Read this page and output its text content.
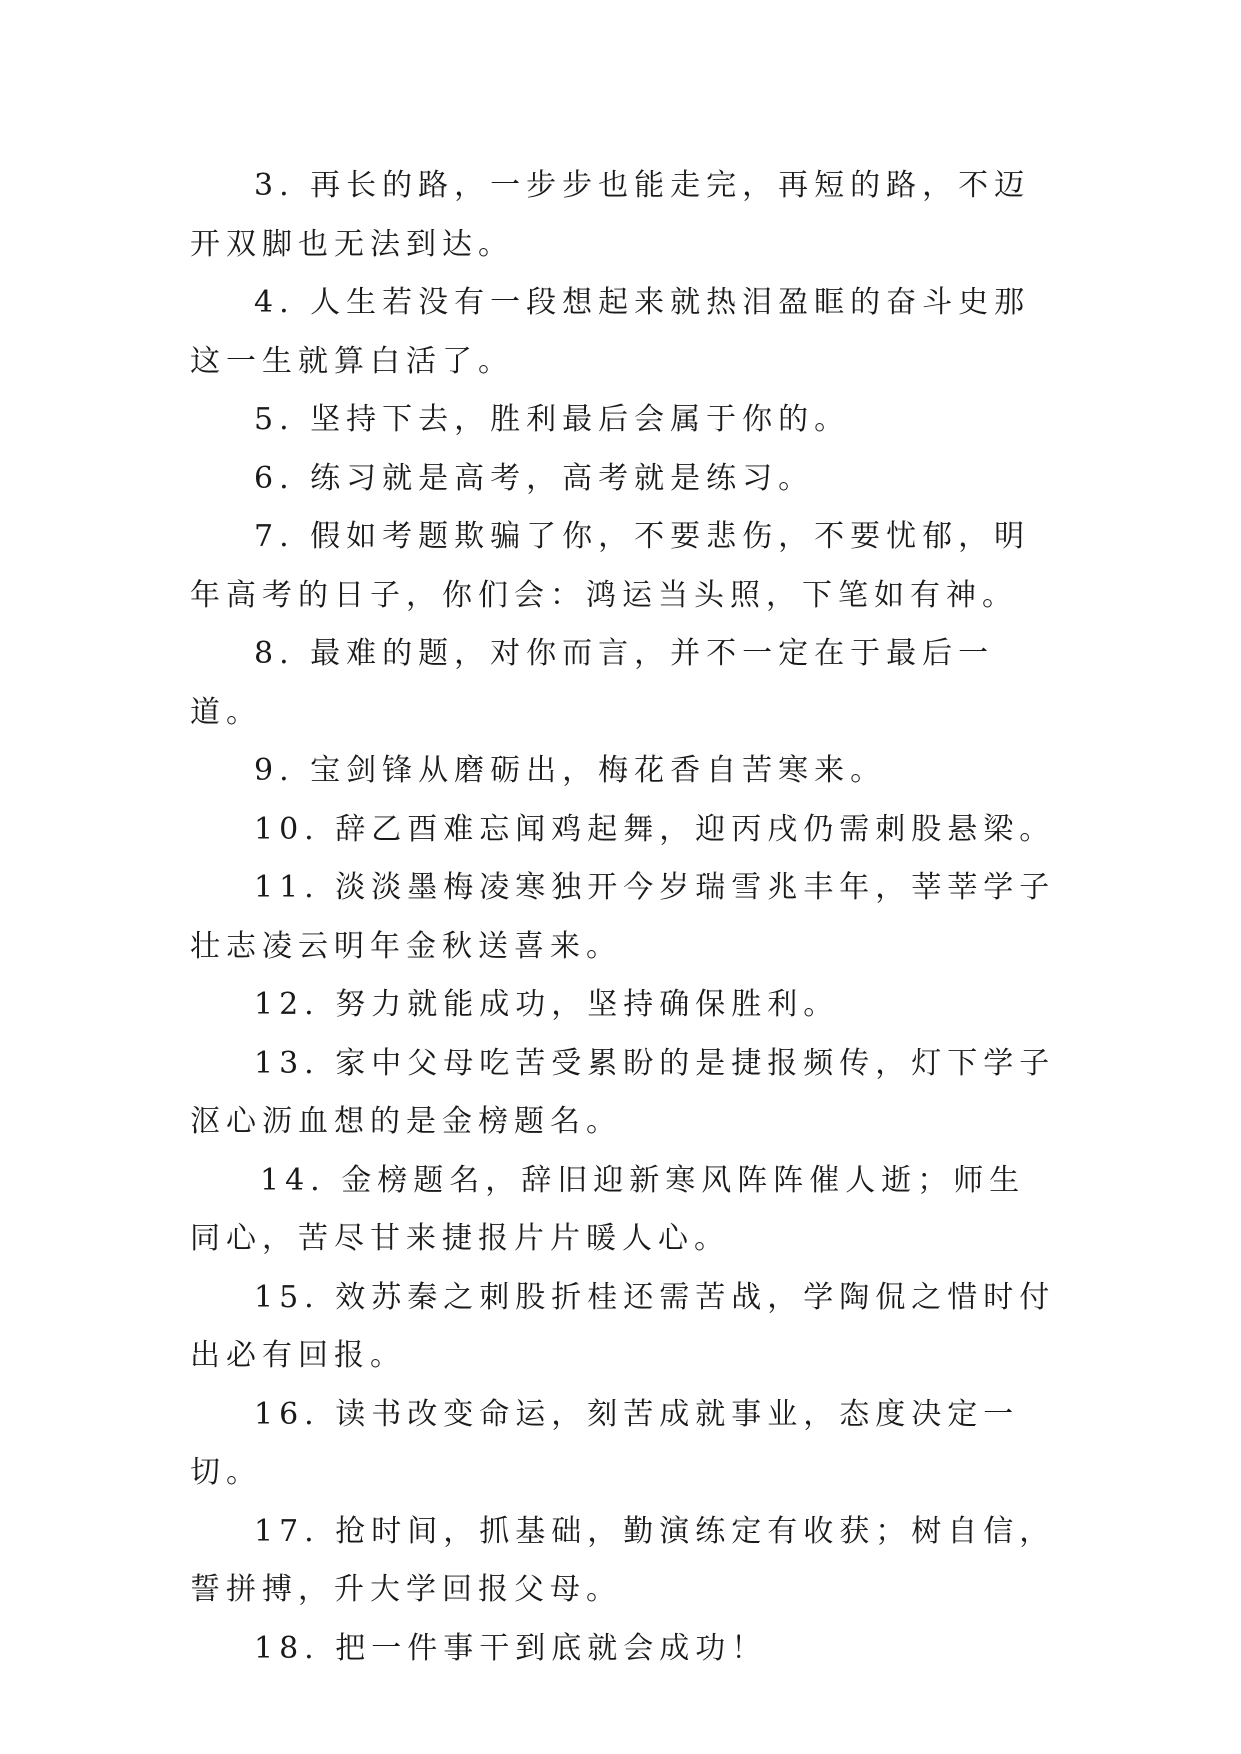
3. 再长的路，一步步也能走完，再短的路，不迈开双脚也无法到达。

4. 人生若没有一段想起来就热泪盈眶的奋斗史那这一生就算白活了。

5. 坚持下去，胜利最后会属于你的。

6. 练习就是高考，高考就是练习。

7. 假如考题欺骗了你，不要悲伤，不要忧郁，明年高考的日子，你们会：鸿运当头照，下笔如有神。

8. 最难的题，对你而言，并不一定在于最后一道。

9. 宝剑锋从磨砺出，梅花香自苦寒来。

10. 辞乙酉难忘闻鸡起舞，迎丙戌仍需刺股悬梁。

11. 淡淡墨梅凌寒独开今岁瑞雪兆丰年，莘莘学子壮志凌云明年金秋送喜来。

12. 努力就能成功，坚持确保胜利。

13. 家中父母吃苦受累盼的是捷报频传，灯下学子沤心沥血想的是金榜题名。

14. 金榜题名，辞旧迎新寒风阵阵催人逝；师生同心，苦尽甘来捷报片片暖人心。

15. 效苏秦之刺股折桂还需苦战，学陶侃之惜时付出必有回报。

16. 读书改变命运，刻苦成就事业，态度决定一切。

17. 抢时间，抓基础，勤演练定有收获；树自信，誓拼搏，升大学回报父母。

18. 把一件事干到底就会成功！
